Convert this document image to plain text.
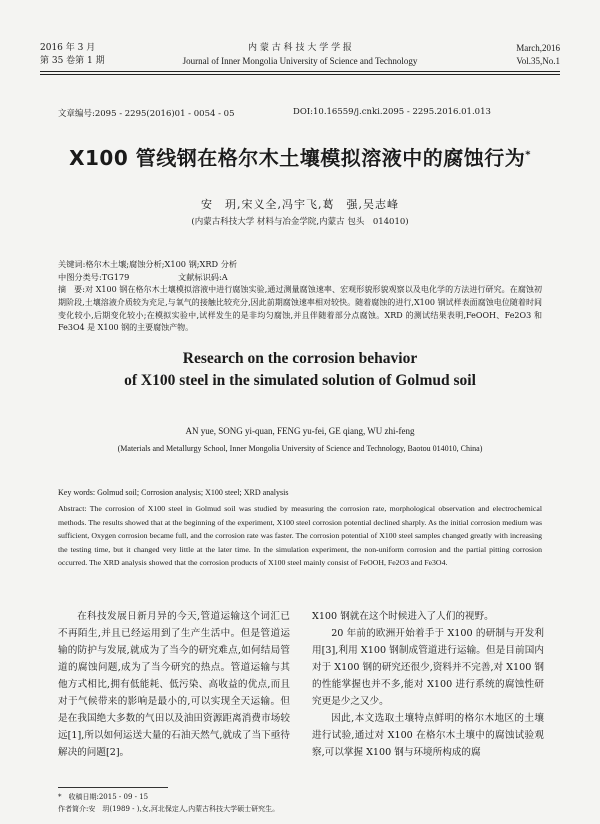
2016 年 3 月
第 35 卷第 1 期
内 蒙 古 科 技 大 学 学 报
Journal of Inner Mongolia University of Science and Technology
March,2016
Vol.35,No.1
文章编号:2095 - 2295(2016)01 - 0054 - 05	DOI:10.16559/j.cnki.2095 - 2295.2016.01.013
X100 管线钢在格尔木土壤模拟溶液中的腐蚀行为*
安　玥,宋义全,冯宇飞,葛　强,吴志峰
(内蒙古科技大学 材料与冶金学院,内蒙古 包头　014010)
关键词:格尔木土壤;腐蚀分析;X100 钢;XRD 分析
中图分类号:TG179	文献标识码:A
摘　要:对 X100 钢在格尔木土壤模拟溶液中进行腐蚀实验,通过测量腐蚀速率、宏观形貌形貌观察以及电化学的方法进行研究。在腐蚀初期阶段,土壤溶液介质较为充足,与氧气的接触比较充分,因此前期腐蚀速率相对较快。随着腐蚀的进行,X100 钢试样表面腐蚀电位随着时间变化较小,后期变化较小;在模拟实验中,试样发生的是非均匀腐蚀,并且伴随着部分点腐蚀。XRD 的测试结果表明,FeOOH、Fe2O3 和 Fe3O4 是 X100 钢的主要腐蚀产物。
Research on the corrosion behavior
of X100 steel in the simulated solution of Golmud soil
AN yue, SONG yi-quan, FENG yu-fei, GE qiang, WU zhi-feng
(Materials and Metallurgy School, Inner Mongolia University of Science and Technology, Baotou 014010, China)
Key words: Golmud soil; Corrosion analysis; X100 steel; XRD analysis
Abstract: The corrosion of X100 steel in Golmud soil was studied by measuring the corrosion rate, morphological observation and electrochemical methods. The results showed that at the beginning of the experiment, X100 steel corrosion potential declined sharply. As the initial corrosion medium was sufficient, Oxygen corrosion became full, and the corrosion rate was faster. The corrosion potential of X100 steel samples changed greatly with increasing the testing time, but it changed very little at the later time. In the simulation experiment, the non-uniform corrosion and the partial pitting corrosion occurred. The XRD analysis showed that the corrosion products of X100 steel mainly consist of FeOOH, Fe2O3 and Fe3O4.

在科技发展日新月异的今天,管道运输这个词汇已不再陌生,并且已经运用到了生产生活中。但是管道运输的防护与发展,就成为了当今的研究难点,如何结局管道的腐蚀问题,成为了当今研究的热点。管道运输与其他方式相比,拥有低能耗、低污染、高收益的优点,而且对于气候带来的影响是最小的,可以实现全天运输。但是在我国绝大多数的气田以及油田资源距离消费市场较远[1],所以如何运送大量的石油天然气,就成了当下亟待解决的问题[2]。

X100 钢就在这个时候进入了人们的视野。

20 年前的欧洲开始着手于 X100 的研制与开发利用[3],利用 X100 钢制成管道进行运输。但是目前国内对于 X100 钢的研究还很少,资料并不完善,对 X100 钢的性能掌握也并不多,能对 X100 进行系统的腐蚀性研究更是少之又少。

因此,本文选取土壤特点鲜明的格尔木地区的土壤进行试验,通过对 X100 在格尔木土壤中的腐蚀试验观察,可以掌握 X100 钢与环境所构成的腐

*　收稿日期:2015 - 09 - 15
作者简介:安　玥(1989 - ),女,河北保定人,内蒙古科技大学硕士研究生。
